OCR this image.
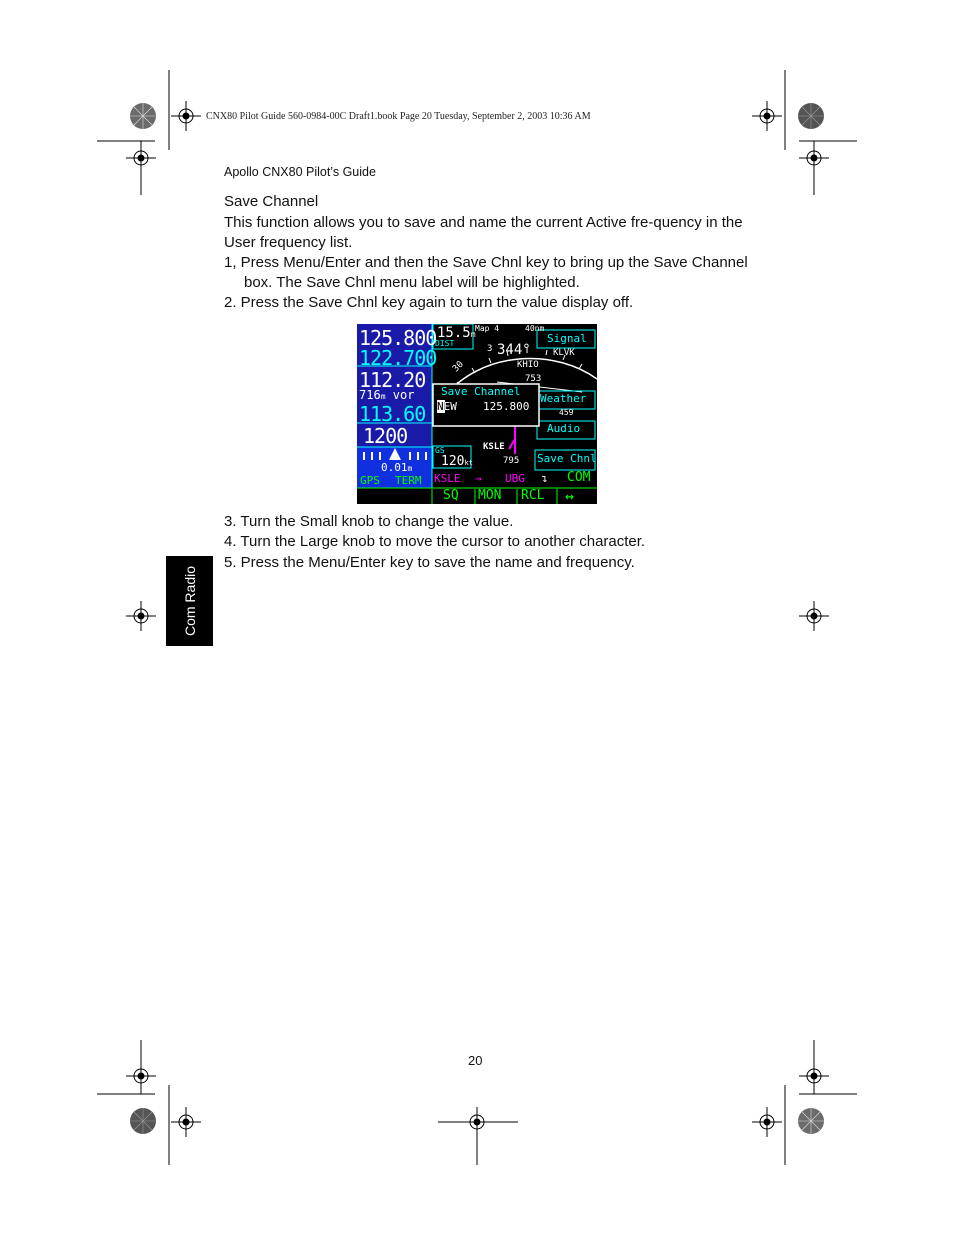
CNX80 Pilot Guide 560-0984-00C Draft1.book Page 20 Tuesday, September 2, 2003 10:36 AM
Apollo CNX80 Pilot’s Guide
Save Channel
This function allows you to save and name the current Active fre-quency in the User frequency list.
1, Press Menu/Enter and then the Save Chnl key to bring up the Save Channel box. The Save Chnl menu label will be highlighted.
2. Press the Save Chnl key again to turn the value display off.
125.800
122.700
112.20
716m vor
113.60
1200
0.01m
GPS TERM
15.5m
DIST
Map 4	40nm
344°
3
30	KHIO
KLVK
753
KSLE
795
459
GS
120kt
Save Channel
NEW 125.800
Signal
Weather
Audio
Save Chnl
KSLE → UBG ↴ COM
SQ MON RCL ↔
3. Turn the Small knob to change the value.
4. Turn the Large knob to move the cursor to another character.
5. Press the Menu/Enter key to save the name and frequency.
Com Radio
20
